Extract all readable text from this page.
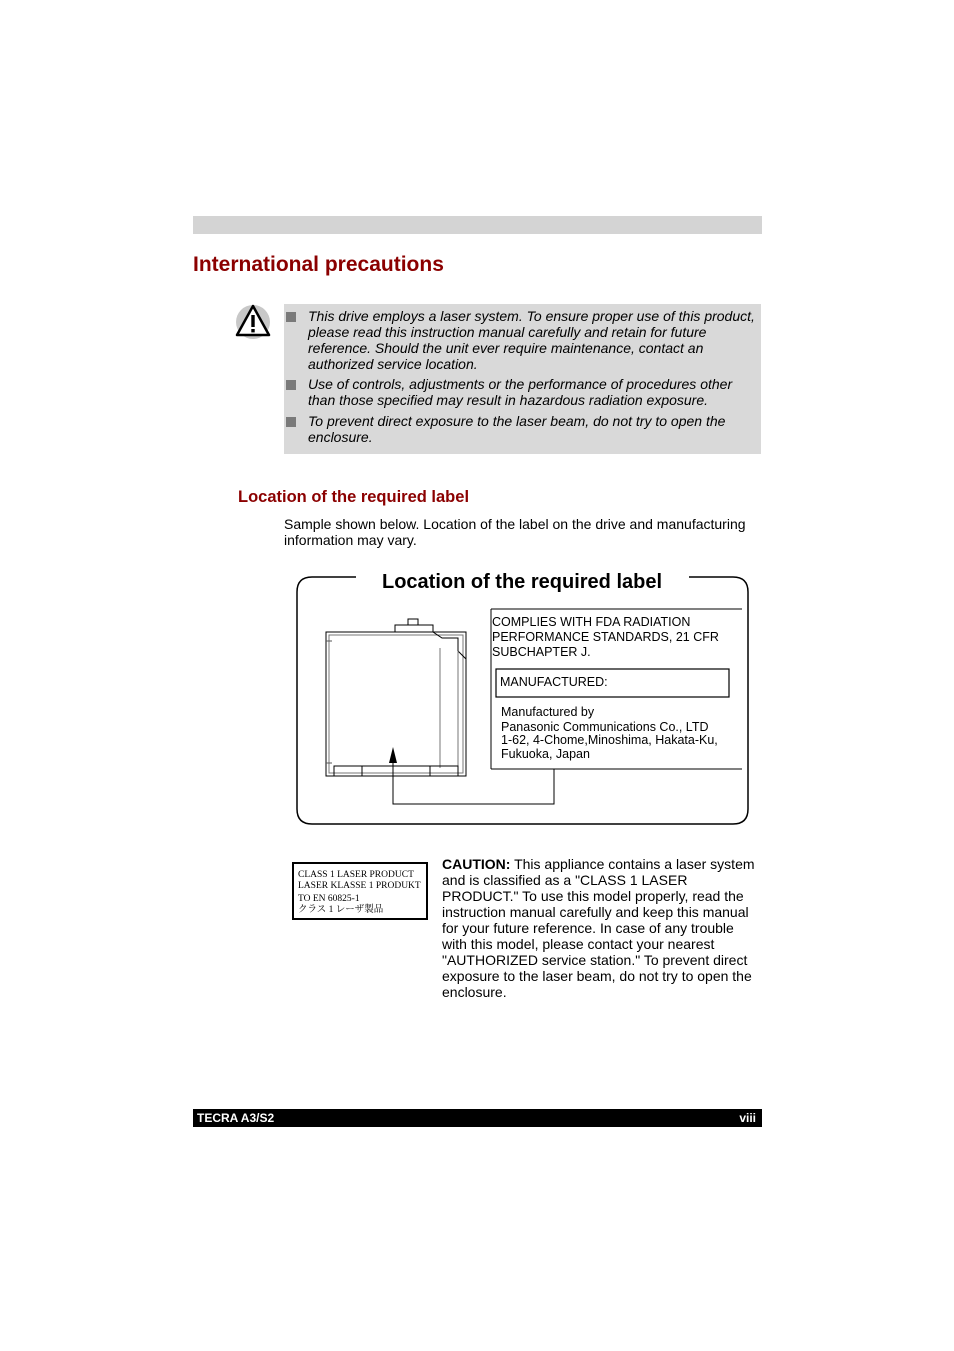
International precautions

This drive employs a laser system. To ensure proper use of this product, please read this instruction manual carefully and retain for future reference. Should the unit ever require maintenance, contact an authorized service location.

Use of controls, adjustments or the performance of procedures other than those specified may result in hazardous radiation exposure.

To prevent direct exposure to the laser beam, do not try to open the enclosure.

Location of the required label

Sample shown below. Location of the label on the drive and manufacturing information may vary.

Location of the required label
COMPLIES WITH FDA RADIATION
PERFORMANCE STANDARDS, 21 CFR
SUBCHAPTER J.
MANUFACTURED:
Manufactured by
Panasonic Communications Co., LTD
1-62, 4-Chome,Minoshima, Hakata-Ku,
Fukuoka, Japan
CLASS 1 LASER PRODUCT
LASER KLASSE 1 PRODUKT
TO EN 60825-1
クラス 1 レーザ製品

CAUTION: This appliance contains a laser system and is classified as a "CLASS 1 LASER PRODUCT." To use this model properly, read the instruction manual carefully and keep this manual for your future reference. In case of any trouble with this model, please contact your nearest "AUTHORIZED service station." To prevent direct exposure to the laser beam, do not try to open the enclosure.

TECRA A3/S2	viii
